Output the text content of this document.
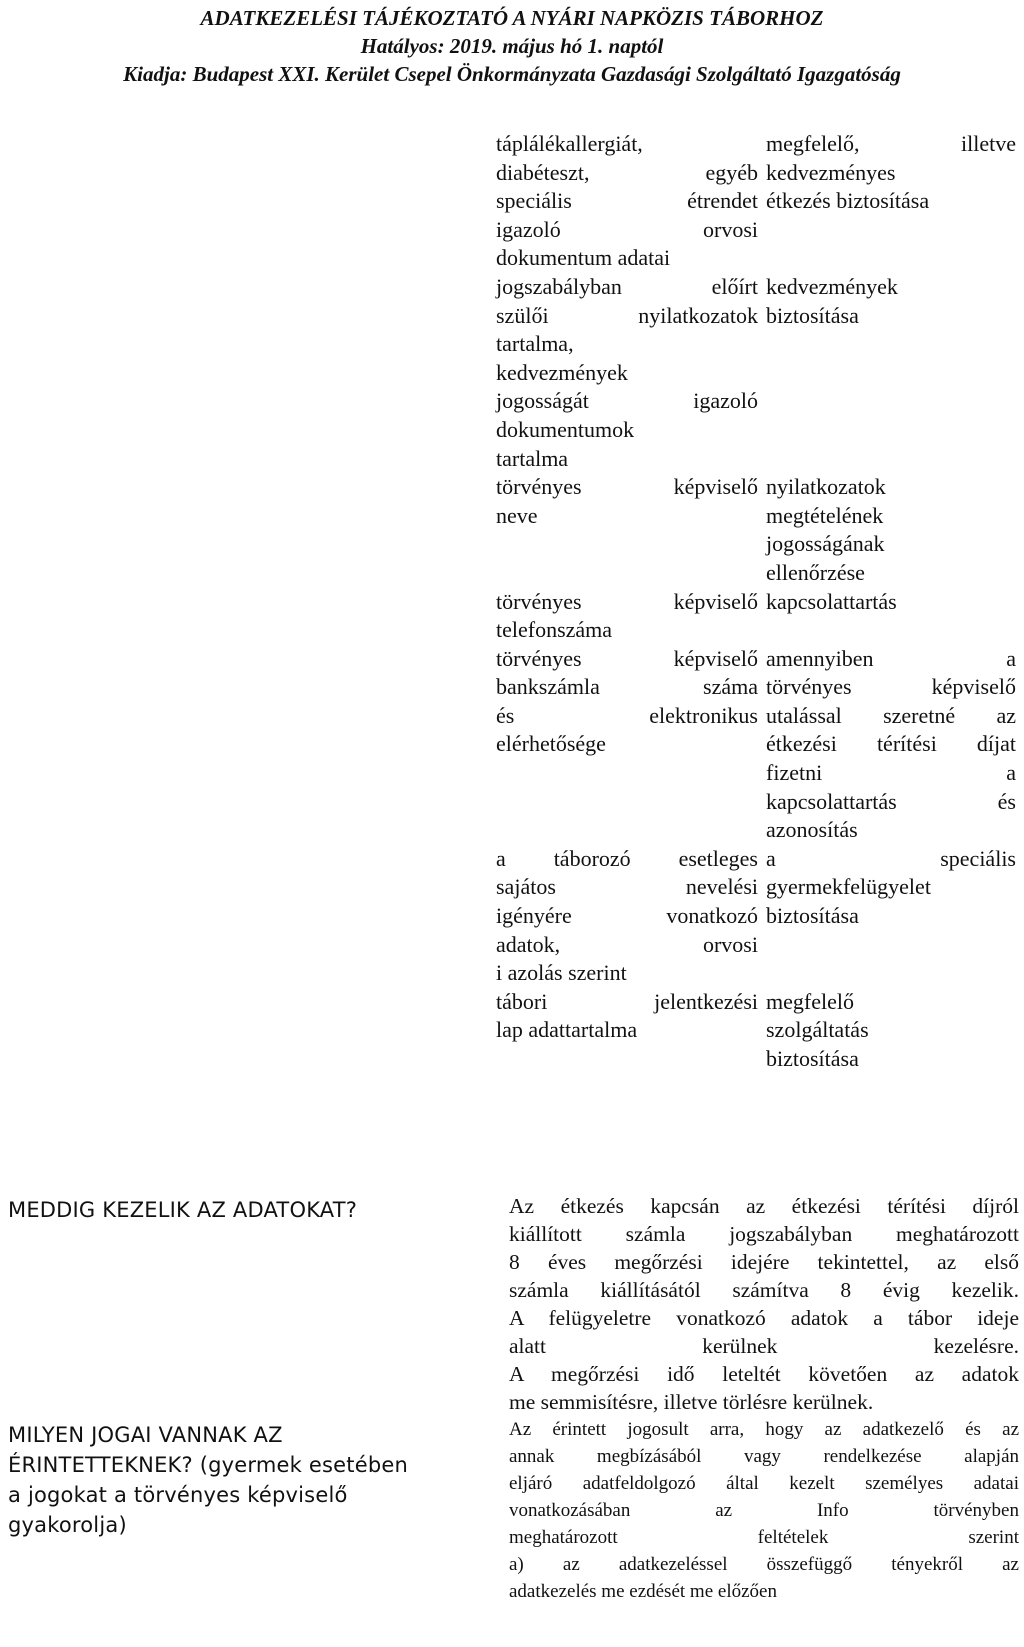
ADATKEZELÉSI TÁJÉKOZTATÓ A NYÁRI NAPKÖZIS TÁBORHOZ
Hatályos: 2019. május hó 1. naptól
Kiadja: Budapest XXI. Kerület Csepel Önkormányzata Gazdasági Szolgáltató Igazgatóság
táplálékallergiát,
diabéteszt, egyéb
speciális étrendet
igazoló orvosi
dokumentum adatai
megfelelő, illetve
kedvezményes
étkezés biztosítása
jogszabályban előírt
szülői nyilatkozatok
tartalma,
kedvezmények
jogosságát igazoló
dokumentumok
tartalma
kedvezmények
biztosítása
törvényes képviselő
neve
nyilatkozatok
megtételének
jogosságának
ellenőrzése
törvényes képviselő
telefonszáma
kapcsolattartás
törvényes képviselő
bankszámla száma
és elektronikus
elérhetősége
amennyiben a
törvényes képviselő
utalással szeretné az
étkezési térítési díjat
fizetni a
kapcsolattartás és
azonosítás
a táborozó esetleges
sajátos nevelési
igényére vonatkozó
adatok, orvosi
i azolás szerint
a speciális
gyermekfelügyelet
biztosítása
tábori jelentkezési
lap adattartalma
megfelelő
szolgáltatás
biztosítása
MEDDIG KEZELIK AZ ADATOKAT?	Az étkezés kapcsán az étkezési térítési díjról
kiállított számla jogszabályban meghatározott
8 éves megőrzési idejére tekintettel, az első
számla kiállításától számítva 8 évig kezelik.
A felügyeletre vonatkozó adatok a tábor ideje
alatt kerülnek kezelésre.
A megőrzési idő leteltét követően az adatok
me semmisítésre, illetve törlésre kerülnek.
MILYEN JOGAI VANNAK AZ
ÉRINTETTEKNEK? (gyermek esetében
a jogokat a törvényes képviselő
gyakorolja)
Az érintett jogosult arra, hogy az adatkezelő és az
annak megbízásából vagy rendelkezése alapján
eljáró adatfeldolgozó által kezelt személyes adatai
vonatkozásában az Info törvényben
meghatározott feltételek szerint
a) az adatkezeléssel összefüggő tényekről az
adatkezelés me ezdését me előzően
